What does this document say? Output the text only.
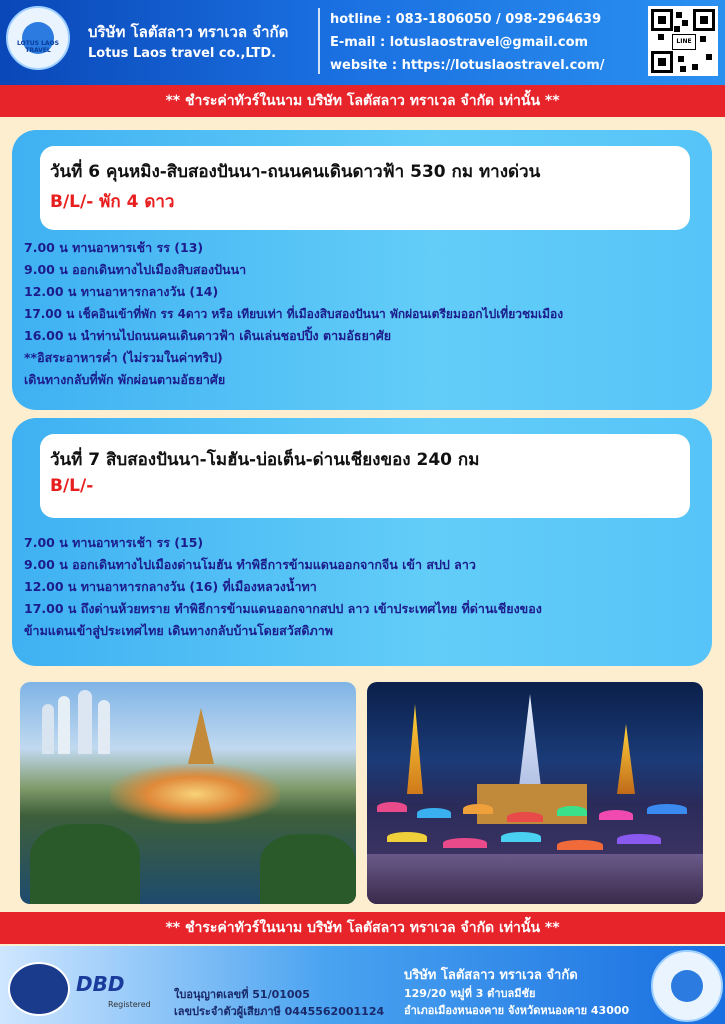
LOTUS LAOS TRAVEL
บริษัท โลตัสลาว ทราเวล จำกัด
Lotus Laos travel co.,LTD.
hotline : 083-1806050 / 098-2964639
E-mail : lotuslaostravel@gmail.com
website : https://lotuslaostravel.com/
LINE
** ชำระค่าทัวร์ในนาม บริษัท โลตัสลาว ทราเวล จำกัด เท่านั้น **
วันที่ 6 คุนหมิง-สิบสองปันนา-ถนนคนเดินดาวฟ้า 530 กม ทางด่วน
B/L/- พัก 4 ดาว
7.00 น ทานอาหารเช้า รร (13)
9.00 น ออกเดินทางไปเมืองสิบสองปันนา
12.00 น ทานอาหารกลางวัน (14)
17.00 น เช็คอินเข้าที่พัก รร 4ดาว หรือ เทียบเท่า ที่เมืองสิบสองปันนา พักผ่อนเตรียมออกไปเที่ยวชมเมือง
16.00 น นำท่านไปถนนคนเดินดาวฟ้า เดินเล่นชอปปิ้ง ตามอัธยาศัย
**อิสระอาหารค่ำ (ไม่รวมในค่าทริป)
เดินทางกลับที่พัก พักผ่อนตามอัธยาศัย
วันที่ 7 สิบสองปันนา-โมฮัน-บ่อเต็น-ด่านเชียงของ 240 กม
B/L/-
7.00 น ทานอาหารเช้า รร (15)
9.00 น ออกเดินทางไปเมืองด่านโมฮัน ทำพิธีการข้ามแดนออกจากจีน เข้า สปป ลาว
12.00 น ทานอาหารกลางวัน (16) ที่เมืองหลวงน้ำทา
17.00 น ถึงด่านห้วยทราย ทำพิธีการข้ามแดนออกจากสปป ลาว เข้าประเทศไทย ที่ด่านเชียงของ
ข้ามแดนเข้าสู่ประเทศไทย เดินทางกลับบ้านโดยสวัสดิภาพ
** ชำระค่าทัวร์ในนาม บริษัท โลตัสลาว ทราเวล จำกัด เท่านั้น **
DBD
Registered
ใบอนุญาตเลขที่ 51/01005
เลขประจำตัวผู้เสียภาษี 0445562001124
บริษัท โลตัสลาว ทราเวล จำกัด
129/20 หมู่ที่ 3 ตำบลมีชัย
อำเภอเมืองหนองคาย จังหวัดหนองคาย 43000
